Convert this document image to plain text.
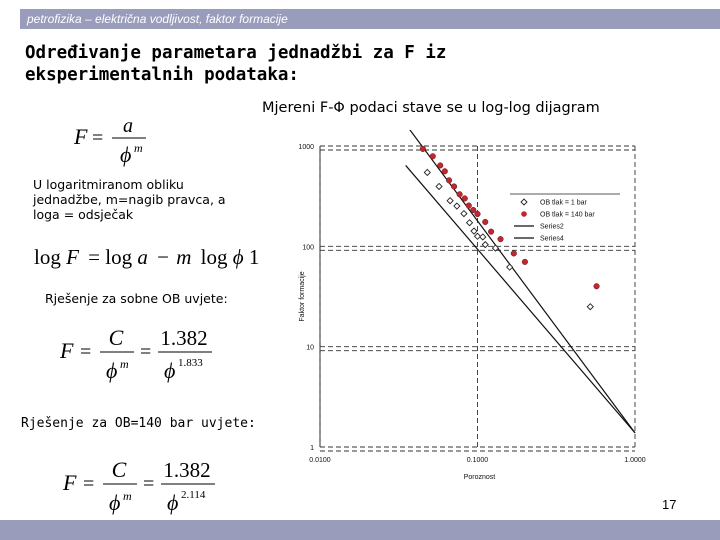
petrofizika – električna vodljivost, faktor formacije
Određivanje parametara jednadžbi za F iz eksperimentalnih podataka:
Mjereni F-Φ podaci stave se u log-log dijagram
F =
a
ϕ m
U logaritmiranom obliku jednadžbe, m=nagib pravca, a loga = odsječak
log F = log a − m log ϕ 1
Rješenje za sobne OB uvjete:
F =
C
ϕ m
=
1.382
ϕ 1.833
Rješenje za OB=140 bar uvjete:
F =
C
ϕ m
=
1.382
ϕ 2.114
1000
100
10
1
0.0100	0.1000	1.0000
Poroznost
Faktor formacije
OB tlak = 1 bar
OB tlak = 140 bar
Series2
Series4
17
